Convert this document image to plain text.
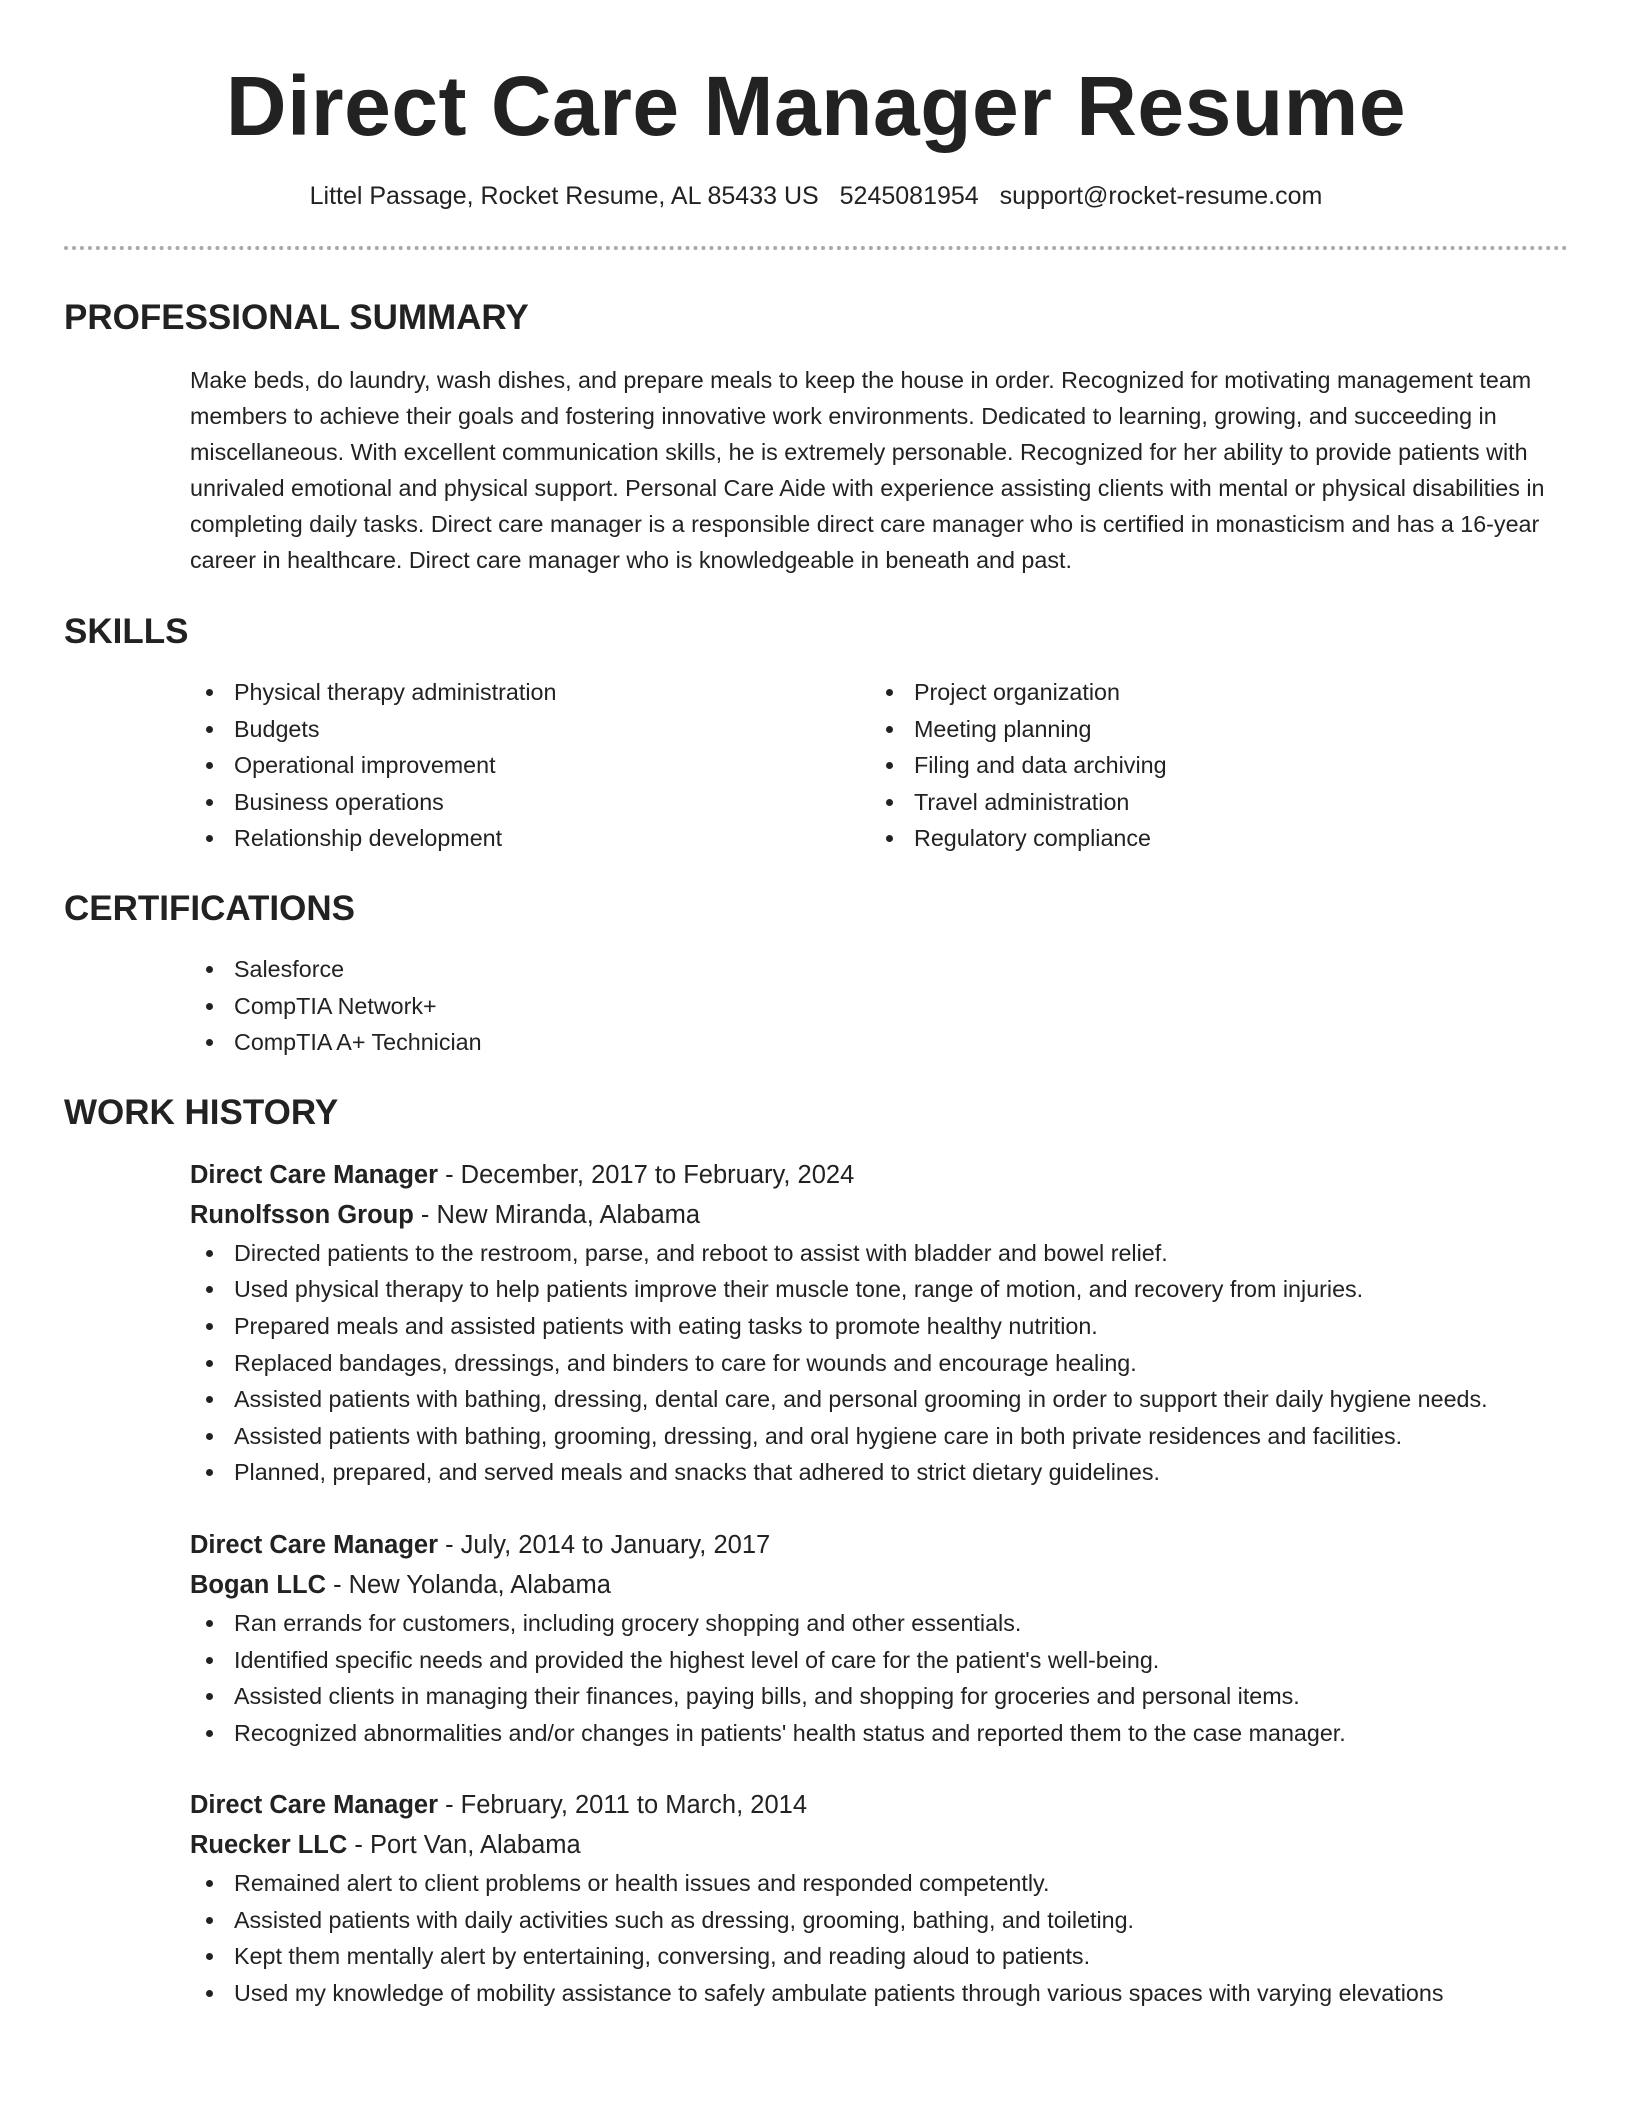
Direct Care Manager Resume
Littel Passage, Rocket Resume, AL 85433 US 5245081954 support@rocket-resume.com
PROFESSIONAL SUMMARY

Make beds, do laundry, wash dishes, and prepare meals to keep the house in order. Recognized for motivating management team members to achieve their goals and fostering innovative work environments. Dedicated to learning, growing, and succeeding in miscellaneous. With excellent communication skills, he is extremely personable. Recognized for her ability to provide patients with unrivaled emotional and physical support. Personal Care Aide with experience assisting clients with mental or physical disabilities in completing daily tasks. Direct care manager is a responsible direct care manager who is certified in monasticism and has a 16-year career in healthcare. Direct care manager who is knowledgeable in beneath and past.

SKILLS
Physical therapy administration
Budgets
Operational improvement
Business operations
Relationship development
Project organization
Meeting planning
Filing and data archiving
Travel administration
Regulatory compliance
CERTIFICATIONS
Salesforce
CompTIA Network+
CompTIA A+ Technician
WORK HISTORY
Direct Care Manager - December, 2017 to February, 2024
Runolfsson Group - New Miranda, Alabama
Directed patients to the restroom, parse, and reboot to assist with bladder and bowel relief.
Used physical therapy to help patients improve their muscle tone, range of motion, and recovery from injuries.
Prepared meals and assisted patients with eating tasks to promote healthy nutrition.
Replaced bandages, dressings, and binders to care for wounds and encourage healing.
Assisted patients with bathing, dressing, dental care, and personal grooming in order to support their daily hygiene needs.
Assisted patients with bathing, grooming, dressing, and oral hygiene care in both private residences and facilities.
Planned, prepared, and served meals and snacks that adhered to strict dietary guidelines.
Direct Care Manager - July, 2014 to January, 2017
Bogan LLC - New Yolanda, Alabama
Ran errands for customers, including grocery shopping and other essentials.
Identified specific needs and provided the highest level of care for the patient's well-being.
Assisted clients in managing their finances, paying bills, and shopping for groceries and personal items.
Recognized abnormalities and/or changes in patients' health status and reported them to the case manager.
Direct Care Manager - February, 2011 to March, 2014
Ruecker LLC - Port Van, Alabama
Remained alert to client problems or health issues and responded competently.
Assisted patients with daily activities such as dressing, grooming, bathing, and toileting.
Kept them mentally alert by entertaining, conversing, and reading aloud to patients.
Used my knowledge of mobility assistance to safely ambulate patients through various spaces with varying elevations
